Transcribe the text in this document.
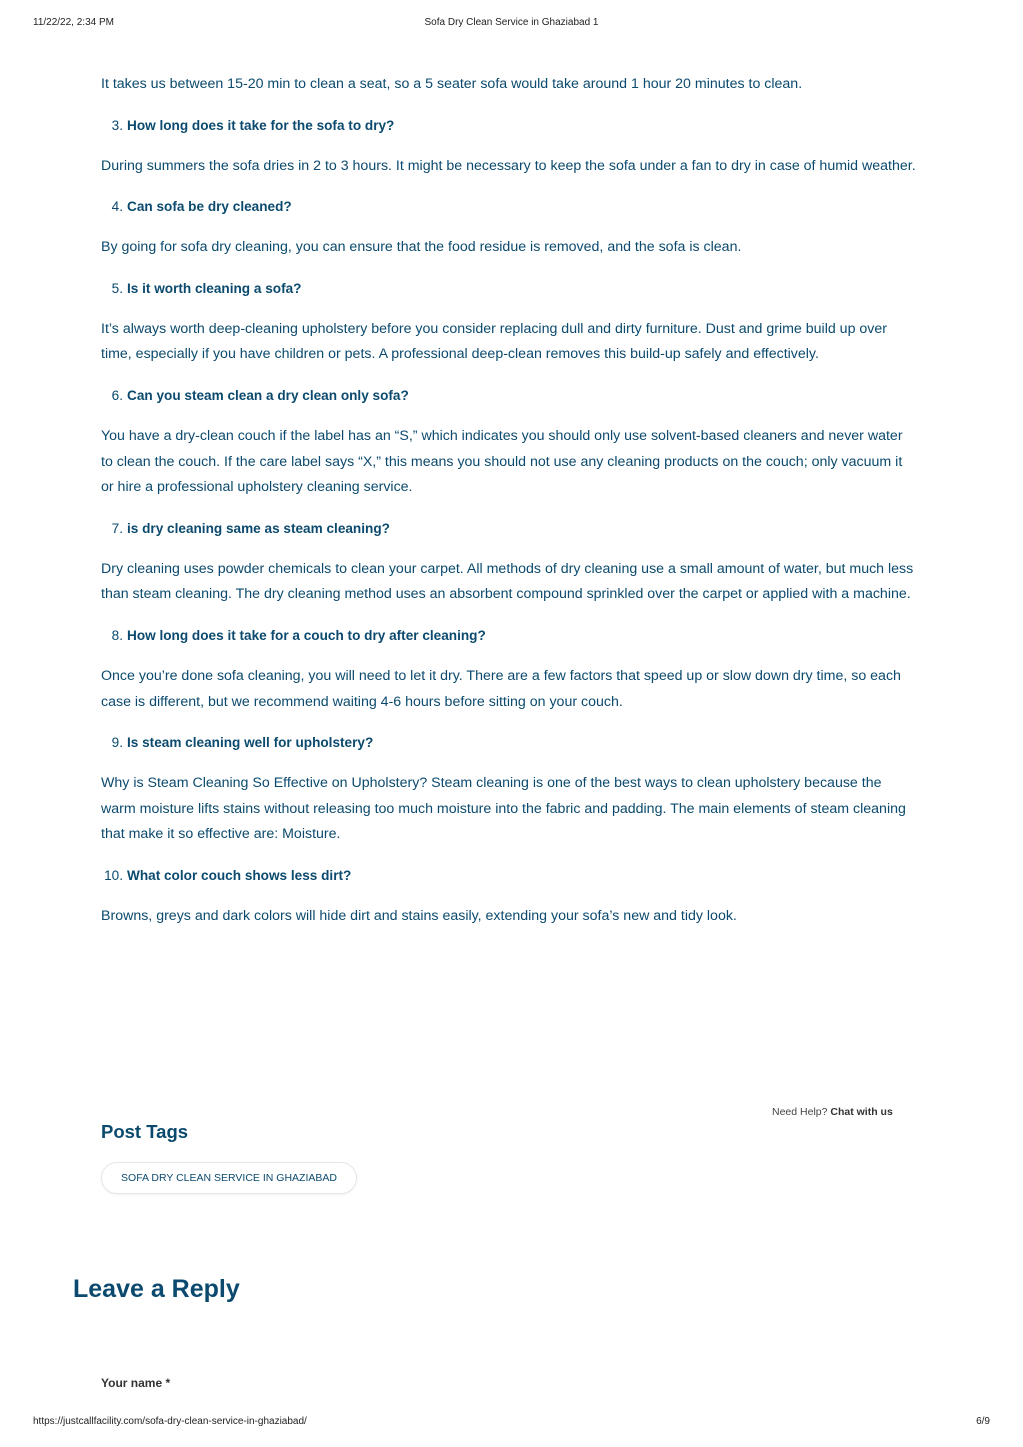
11/22/22, 2:34 PM	Sofa Dry Clean Service in Ghaziabad 1

It takes us between 15-20 min to clean a seat, so a 5 seater sofa would take around 1 hour 20 minutes to clean.

3. How long does it take for the sofa to dry?

During summers the sofa dries in 2 to 3 hours. It might be necessary to keep the sofa under a fan to dry in case of humid weather.

4. Can sofa be dry cleaned?

By going for sofa dry cleaning, you can ensure that the food residue is removed, and the sofa is clean.

5. Is it worth cleaning a sofa?

It’s always worth deep-cleaning upholstery before you consider replacing dull and dirty furniture. Dust and grime build up over time, especially if you have children or pets. A professional deep-clean removes this build-up safely and effectively.

6. Can you steam clean a dry clean only sofa?

You have a dry-clean couch if the label has an “S,” which indicates you should only use solvent-based cleaners and never water to clean the couch. If the care label says “X,” this means you should not use any cleaning products on the couch; only vacuum it or hire a professional upholstery cleaning service.

7. is dry cleaning same as steam cleaning?

Dry cleaning uses powder chemicals to clean your carpet. All methods of dry cleaning use a small amount of water, but much less than steam cleaning. The dry cleaning method uses an absorbent compound sprinkled over the carpet or applied with a machine.

8. How long does it take for a couch to dry after cleaning?

Once you’re done sofa cleaning, you will need to let it dry. There are a few factors that speed up or slow down dry time, so each case is different, but we recommend waiting 4-6 hours before sitting on your couch.

9. Is steam cleaning well for upholstery?

Why is Steam Cleaning So Effective on Upholstery? Steam cleaning is one of the best ways to clean upholstery because the warm moisture lifts stains without releasing too much moisture into the fabric and padding. The main elements of steam cleaning that make it so effective are: Moisture.

10. What color couch shows less dirt?

Browns, greys and dark colors will hide dirt and stains easily, extending your sofa’s new and tidy look.

Need Help? Chat with us
Post Tags
SOFA DRY CLEAN SERVICE IN GHAZIABAD
Leave a Reply
Your name *
https://justcallfacility.com/sofa-dry-clean-service-in-ghaziabad/	6/9
